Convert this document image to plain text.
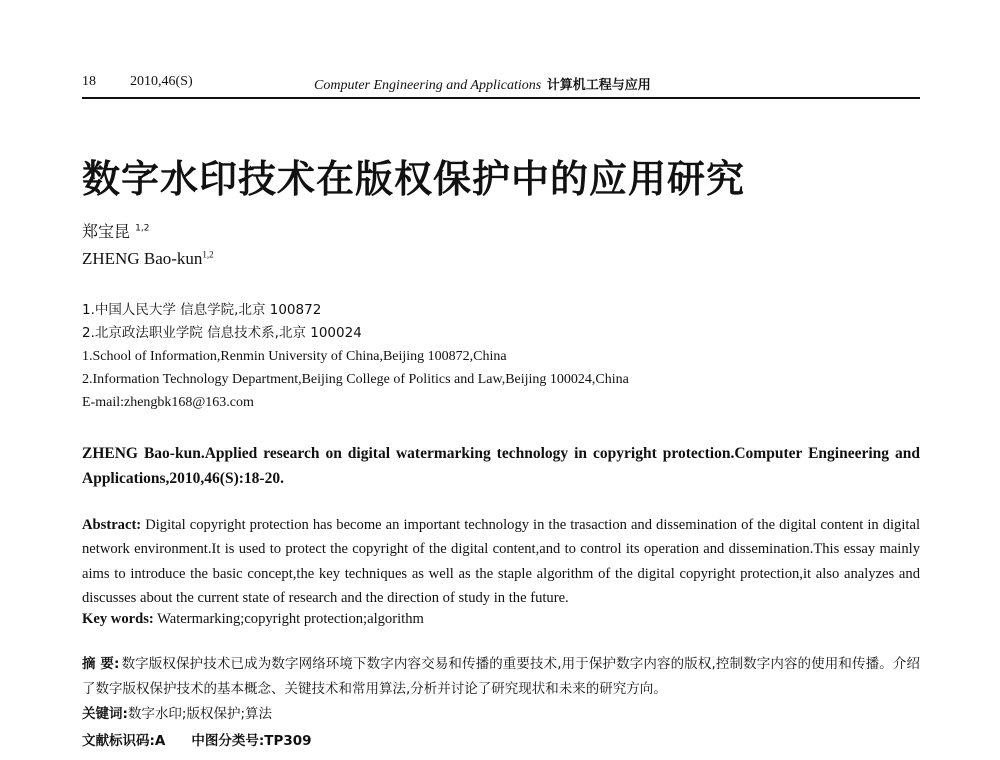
18 2010,46(S)	Computer Engineering and Applications 计算机工程与应用
数字水印技术在版权保护中的应用研究
郑宝昆 $^{1,2}$
ZHENG Bao-kun$^{1,2}$
1.中国人民大学 信息学院,北京 100872
2.北京政法职业学院 信息技术系,北京 100024
1.School of Information,Renmin University of China,Beijing 100872,China
2.Information Technology Department,Beijing College of Politics and Law,Beijing 100024,China
E-mail:zhengbk168@163.com
ZHENG Bao-kun.Applied research on digital watermarking technology in copyright protection.Computer Engineering and Applications,2010,46(S):18-20.
Abstract: Digital copyright protection has become an important technology in the trasaction and dissemination of the digital content in digital network environment.It is used to protect the copyright of the digital content,and to control its operation and dissemination.This essay mainly aims to introduce the basic concept,the key techniques as well as the staple algorithm of the digital copyright protection,it also analyzes and discusses about the current state of research and the direction of study in the future.
Key words: Watermarking;copyright protection;algorithm
摘 要: 数字版权保护技术已成为数字网络环境下数字内容交易和传播的重要技术,用于保护数字内容的版权,控制数字内容的使用和传播。介绍了数字版权保护技术的基本概念、关键技术和常用算法,分析并讨论了研究现状和未来的研究方向。
关键词:数字水印;版权保护;算法
文献标识码:A 中图分类号:TP309
